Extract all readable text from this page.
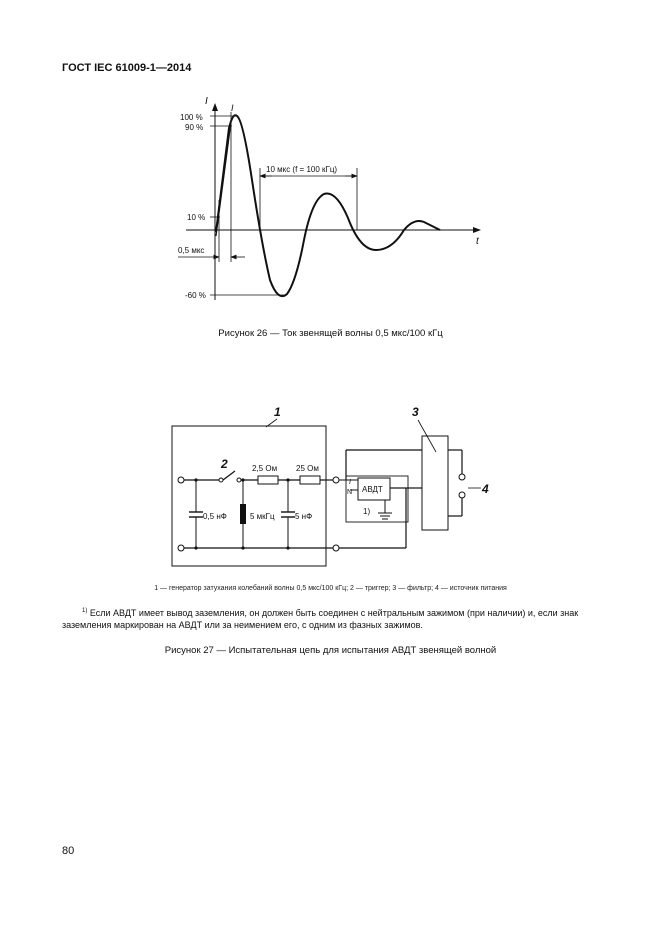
ГОСТ IEC 61009-1—2014
I
t
100 %
90 %
10 %
-60 %
0,5 мкс
10 мкс (f = 100 кГц)
I
Рисунок 26 — Ток звенящей волны 0,5 мкс/100 кГц
1
2	2,5 Ом 25 Ом
0,5 нФ	5 мкГц	5 нФ
АВДТ
I
N
1)
3
4
1 — генератор затухания колебаний волны 0,5 мкс/100 кГц; 2 — триггер; 3 — фильтр; 4 — источник питания
$^{1)}$ Если АВДТ имеет вывод заземления, он должен быть соединен с нейтральным зажимом (при наличии) и, если знак заземления маркирован на АВДТ или за неимением его, с одним из фазных зажимов.
Рисунок 27 — Испытательная цепь для испытания АВДТ звенящей волной
80
